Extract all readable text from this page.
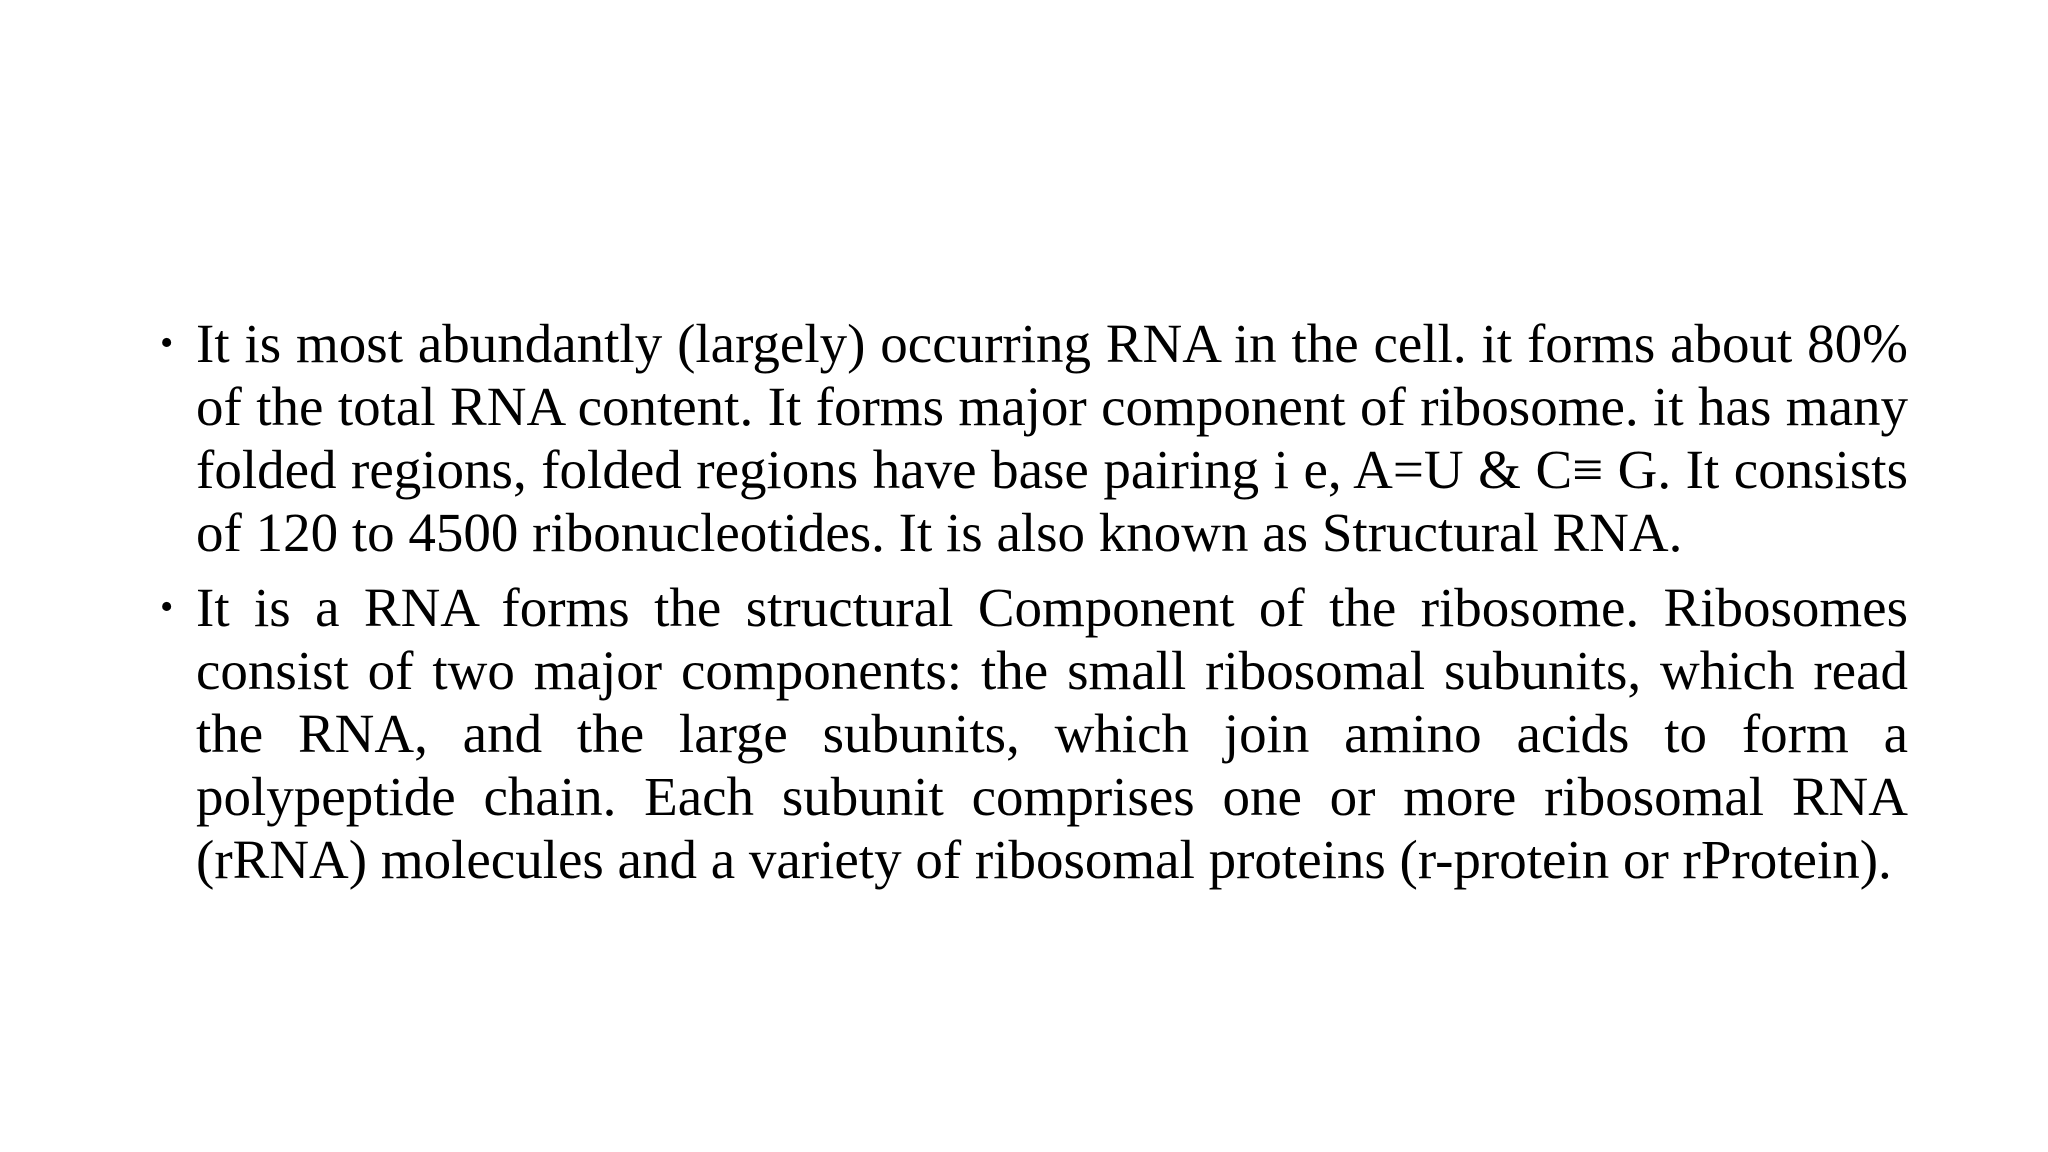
• It is most abundantly (largely) occurring RNA in the cell. it forms about 80% of the total RNA content. It forms major component of ribosome. it has many folded regions, folded regions have base pairing i e, A=U & C≡ G. It consists of 120 to 4500 ribonucleotides. It is also known as Structural RNA.
• It is a RNA forms the structural Component of the ribosome. Ribosomes consist of two major components: the small ribosomal subunits, which read the RNA, and the large subunits, which join amino acids to form a polypeptide chain. Each subunit comprises one or more ribosomal RNA (rRNA) molecules and a variety of ribosomal proteins (r-protein or rProtein).
